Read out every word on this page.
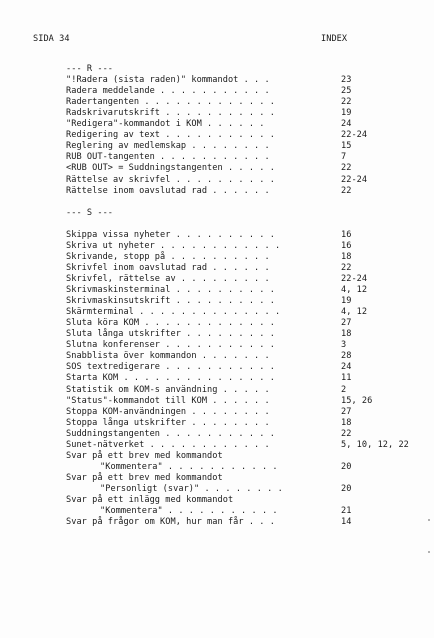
SIDA 34	INDEX
--- R ---
"!Radera (sista raden)" kommandot . . .	23
Radera meddelande . . . . . . . . . . .	25
Radertangenten . . . . . . . . . . . . .	22
Radskrivarutskrift . . . . . . . . . . .	19
"Redigera"-kommandot i KOM . . . . . .	24
Redigering av text . . . . . . . . . . .	22-24
Reglering av medlemskap . . . . . . . .	15
RUB OUT-tangenten . . . . . . . . . . .	7
<RUB OUT> = Suddningstangenten . . . . .	22
Rättelse av skrivfel . . . . . . . . . .	22-24
Rättelse inom oavslutad rad . . . . . .	22
--- S ---
Skippa vissa nyheter . . . . . . . . . .	16
Skriva ut nyheter . . . . . . . . . . . .	16
Skrivande, stopp på . . . . . . . . . .	18
Skrivfel inom oavslutad rad . . . . . .	22
Skrivfel, rättelse av . . . . . . . . .	22-24
Skrivmaskinsterminal . . . . . . . . . .	4, 12
Skrivmaskinsutskrift . . . . . . . . . .	19
Skärmterminal . . . . . . . . . . . . . .	4, 12
Sluta köra KOM . . . . . . . . . . . . .	27
Sluta långa utskrifter . . . . . . . . .	18
Slutna konferenser . . . . . . . . . . .	3
Snabblista över kommandon . . . . . . .	28
SOS textredigerare . . . . . . . . . . .	24
Starta KOM . . . . . . . . . . . . . . .	11
Statistik om KOM-s användning . . . . .	2
"Status"-kommandot till KOM . . . . . .	15, 26
Stoppa KOM-användningen . . . . . . . .	27
Stoppa långa utskrifter . . . . . . . .	18
Suddningstangenten . . . . . . . . . . .	22
Sunet-nätverket . . . . . . . . . . . .	5, 10, 12, 22
Svar på ett brev med kommandot
"Kommentera" . . . . . . . . . . .	20
Svar på ett brev med kommandot
"Personligt (svar)" . . . . . . . .	20
Svar på ett inlägg med kommandot
"Kommentera" . . . . . . . . . . .	21
Svar på frågor om KOM, hur man får . . .	14
